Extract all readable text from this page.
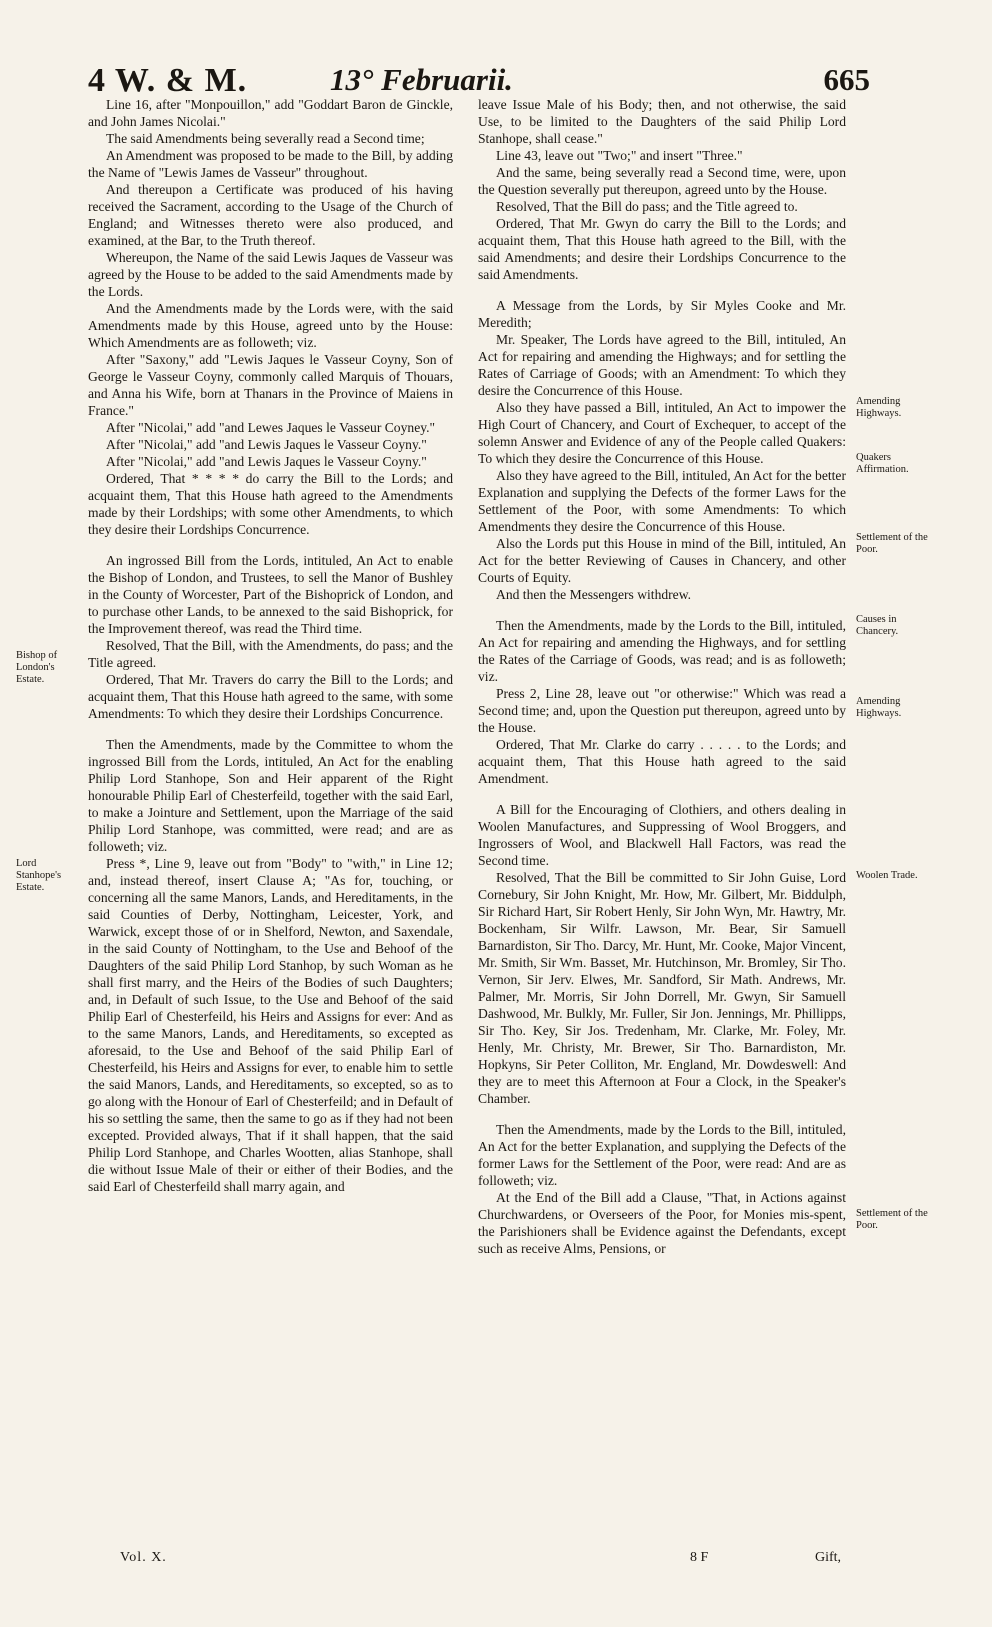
4 W. & M.	13° Februarii.	665
Bishop of London's Estate.
Lord Stanhope's Estate.
Amending Highways.
Quakers Affirmation.
Settlement of the Poor.
Causes in Chancery.
Amending Highways.
Woolen Trade.
Settlement of the Poor.

Line 16, after "Monpouillon," add "Goddart Baron de Ginckle, and John James Nicolai."

The said Amendments being severally read a Second time;

An Amendment was proposed to be made to the Bill, by adding the Name of "Lewis James de Vasseur" throughout.

And thereupon a Certificate was produced of his having received the Sacrament, according to the Usage of the Church of England; and Witnesses thereto were also produced, and examined, at the Bar, to the Truth thereof.

Whereupon, the Name of the said Lewis Jaques de Vasseur was agreed by the House to be added to the said Amendments made by the Lords.

And the Amendments made by the Lords were, with the said Amendments made by this House, agreed unto by the House: Which Amendments are as followeth; viz.

After "Saxony," add "Lewis Jaques le Vasseur Coyny, Son of George le Vasseur Coyny, commonly called Marquis of Thouars, and Anna his Wife, born at Thanars in the Province of Maiens in France."

After "Nicolai," add "and Lewes Jaques le Vasseur Coyney."

After "Nicolai," add "and Lewis Jaques le Vasseur Coyny."

After "Nicolai," add "and Lewis Jaques le Vasseur Coyny."

Ordered, That * * * * do carry the Bill to the Lords; and acquaint them, That this House hath agreed to the Amendments made by their Lordships; with some other Amendments, to which they desire their Lordships Concurrence.

An ingrossed Bill from the Lords, intituled, An Act to enable the Bishop of London, and Trustees, to sell the Manor of Bushley in the County of Worcester, Part of the Bishoprick of London, and to purchase other Lands, to be annexed to the said Bishoprick, for the Improvement thereof, was read the Third time.

Resolved, That the Bill, with the Amendments, do pass; and the Title agreed.

Ordered, That Mr. Travers do carry the Bill to the Lords; and acquaint them, That this House hath agreed to the same, with some Amendments: To which they desire their Lordships Concurrence.

Then the Amendments, made by the Committee to whom the ingrossed Bill from the Lords, intituled, An Act for the enabling Philip Lord Stanhope, Son and Heir apparent of the Right honourable Philip Earl of Chesterfeild, together with the said Earl, to make a Jointure and Settlement, upon the Marriage of the said Philip Lord Stanhope, was committed, were read; and are as followeth; viz.

Press *, Line 9, leave out from "Body" to "with," in Line 12; and, instead thereof, insert Clause A; "As for, touching, or concerning all the same Manors, Lands, and Hereditaments, in the said Counties of Derby, Nottingham, Leicester, York, and Warwick, except those of or in Shelford, Newton, and Saxendale, in the said County of Nottingham, to the Use and Behoof of the Daughters of the said Philip Lord Stanhop, by such Woman as he shall first marry, and the Heirs of the Bodies of such Daughters; and, in Default of such Issue, to the Use and Behoof of the said Philip Earl of Chesterfeild, his Heirs and Assigns for ever: And as to the same Manors, Lands, and Hereditaments, so excepted as aforesaid, to the Use and Behoof of the said Philip Earl of Chesterfeild, his Heirs and Assigns for ever, to enable him to settle the said Manors, Lands, and Hereditaments, so excepted, so as to go along with the Honour of Earl of Chesterfeild; and in Default of his so settling the same, then the same to go as if they had not been excepted. Provided always, That if it shall happen, that the said Philip Lord Stanhope, and Charles Wootten, alias Stanhope, shall die without Issue Male of their or either of their Bodies, and the said Earl of Chesterfeild shall marry again, and

leave Issue Male of his Body; then, and not otherwise, the said Use, to be limited to the Daughters of the said Philip Lord Stanhope, shall cease."

Line 43, leave out "Two;" and insert "Three."

And the same, being severally read a Second time, were, upon the Question severally put thereupon, agreed unto by the House.

Resolved, That the Bill do pass; and the Title agreed to.

Ordered, That Mr. Gwyn do carry the Bill to the Lords; and acquaint them, That this House hath agreed to the Bill, with the said Amendments; and desire their Lordships Concurrence to the said Amendments.

A Message from the Lords, by Sir Myles Cooke and Mr. Meredith;

Mr. Speaker, The Lords have agreed to the Bill, intituled, An Act for repairing and amending the Highways; and for settling the Rates of Carriage of Goods; with an Amendment: To which they desire the Concurrence of this House.

Also they have passed a Bill, intituled, An Act to impower the High Court of Chancery, and Court of Exchequer, to accept of the solemn Answer and Evidence of any of the People called Quakers: To which they desire the Concurrence of this House.

Also they have agreed to the Bill, intituled, An Act for the better Explanation and supplying the Defects of the former Laws for the Settlement of the Poor, with some Amendments: To which Amendments they desire the Concurrence of this House.

Also the Lords put this House in mind of the Bill, intituled, An Act for the better Reviewing of Causes in Chancery, and other Courts of Equity.

And then the Messengers withdrew.

Then the Amendments, made by the Lords to the Bill, intituled, An Act for repairing and amending the Highways, and for settling the Rates of the Carriage of Goods, was read; and is as followeth; viz.

Press 2, Line 28, leave out "or otherwise:" Which was read a Second time; and, upon the Question put thereupon, agreed unto by the House.

Ordered, That Mr. Clarke do carry . . . . . to the Lords; and acquaint them, That this House hath agreed to the said Amendment.

A Bill for the Encouraging of Clothiers, and others dealing in Woolen Manufactures, and Suppressing of Wool Broggers, and Ingrossers of Wool, and Blackwell Hall Factors, was read the Second time.

Resolved, That the Bill be committed to Sir John Guise, Lord Cornebury, Sir John Knight, Mr. How, Mr. Gilbert, Mr. Biddulph, Sir Richard Hart, Sir Robert Henly, Sir John Wyn, Mr. Hawtry, Mr. Bockenham, Sir Wilfr. Lawson, Mr. Bear, Sir Samuell Barnardiston, Sir Tho. Darcy, Mr. Hunt, Mr. Cooke, Major Vincent, Mr. Smith, Sir Wm. Basset, Mr. Hutchinson, Mr. Bromley, Sir Tho. Vernon, Sir Jerv. Elwes, Mr. Sandford, Sir Math. Andrews, Mr. Palmer, Mr. Morris, Sir John Dorrell, Mr. Gwyn, Sir Samuell Dashwood, Mr. Bulkly, Mr. Fuller, Sir Jon. Jennings, Mr. Phillipps, Sir Tho. Key, Sir Jos. Tredenham, Mr. Clarke, Mr. Foley, Mr. Henly, Mr. Christy, Mr. Brewer, Sir Tho. Barnardiston, Mr. Hopkyns, Sir Peter Colliton, Mr. England, Mr. Dowdeswell: And they are to meet this Afternoon at Four a Clock, in the Speaker's Chamber.

Then the Amendments, made by the Lords to the Bill, intituled, An Act for the better Explanation, and supplying the Defects of the former Laws for the Settlement of the Poor, were read: And are as followeth; viz.

At the End of the Bill add a Clause, "That, in Actions against Churchwardens, or Overseers of the Poor, for Monies mis-spent, the Parishioners shall be Evidence against the Defendants, except such as receive Alms, Pensions, or

Vol. X.	8 F	Gift,
